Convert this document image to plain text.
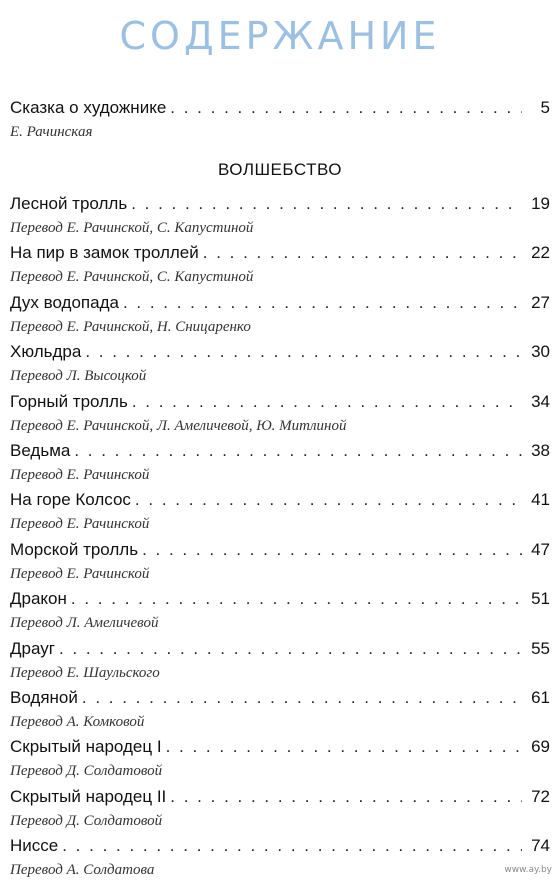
СОДЕРЖАНИЕ
Сказка о художнике . . .	5
Е. Рачинская
ВОЛШЕБСТВО
Лесной тролль . . .	19
Перевод Е. Рачинской, С. Капустиной
На пир в замок троллей . . .	22
Перевод Е. Рачинской, С. Капустиной
Дух водопада . . .	27
Перевод Е. Рачинской, Н. Сницаренко
Хюльдра . . .	30
Перевод Л. Высоцкой
Горный тролль . . .	34
Перевод Е. Рачинской, Л. Амеличевой, Ю. Митлиной
Ведьма . . .	38
Перевод Е. Рачинской
На горе Колсос . . .	41
Перевод Е. Рачинской
Морской тролль . . .	47
Перевод Е. Рачинской
Дракон . . .	51
Перевод Л. Амеличевой
Драуг . . .	55
Перевод Е. Шаульского
Водяной . . .	61
Перевод А. Комковой
Скрытый народец I . . .	69
Перевод Д. Солдатовой
Скрытый народец II . . .	72
Перевод Д. Солдатовой
Ниссе . . .	74
Перевод А. Солдатова	www.ay.by
